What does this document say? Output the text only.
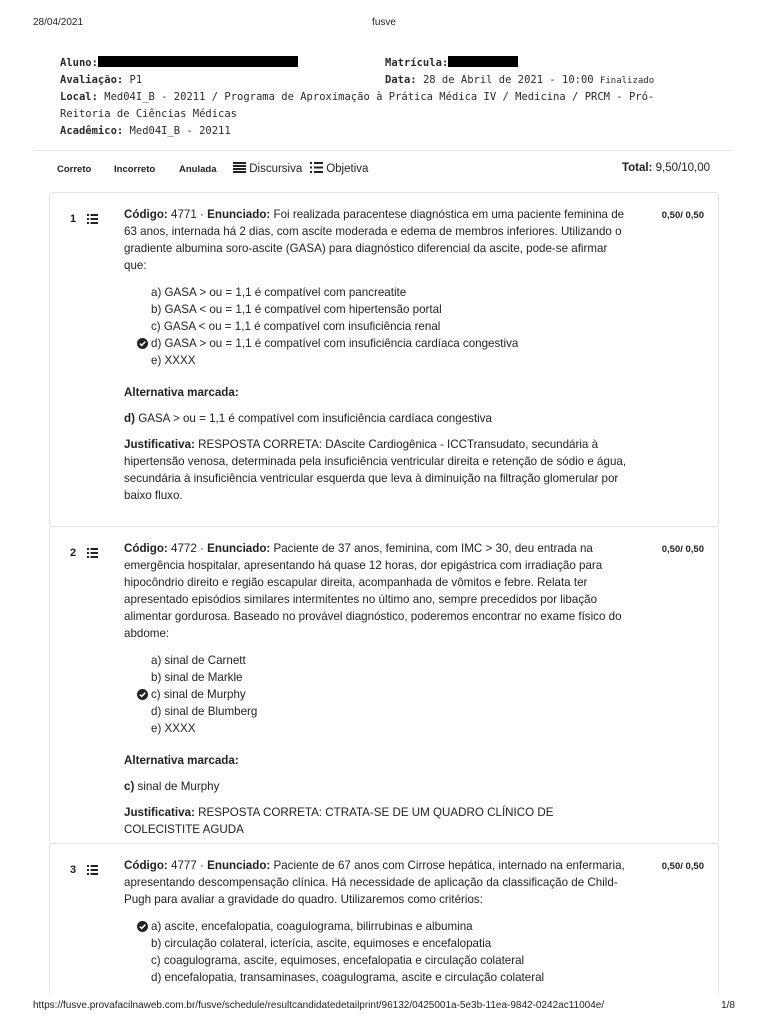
28/04/2021	fusve
Aluno:	Matrícula:
Avaliação: P1	Data: 28 de Abril de 2021 - 10:00 Finalizado
Local: Med04I_B - 20211 / Programa de Aproximação à Prática Médica IV / Medicina / PRCM - Pró-Reitoria de Ciências Médicas
Acadêmico: Med04I_B - 20211
Correto Incorreto	Anulada	Discursiva	Objetiva	Total: 9,50/10,00
1	0,50/ 0,50

Código: 4771 · Enunciado: Foi realizada paracentese diagnóstica em uma paciente feminina de 63 anos, internada há 2 dias, com ascite moderada e edema de membros inferiores. Utilizando o gradiente albumina soro-ascite (GASA) para diagnóstico diferencial da ascite, pode-se afirmar que:

a) GASA > ou = 1,1 é compatível com pancreatite
b) GASA < ou = 1,1 é compatível com hipertensão portal
c) GASA < ou = 1,1 é compatível com insuficiência renal
d) GASA > ou = 1,1 é compatível com insuficiência cardíaca congestiva
e) XXXX

Alternativa marcada:

d) GASA > ou = 1,1 é compatível com insuficiência cardíaca congestiva

Justificativa: RESPOSTA CORRETA: DAscite Cardiogênica - ICCTransudato, secundária à hipertensão venosa, determinada pela insuficiência ventricular direita e retenção de sódio e água, secundária à insuficiência ventricular esquerda que leva à diminuição na filtração glomerular por baixo fluxo.

2	0,50/ 0,50

Código: 4772 · Enunciado: Paciente de 37 anos, feminina, com IMC > 30, deu entrada na emergência hospitalar, apresentando há quase 12 horas, dor epigástrica com irradiação para hipocôndrio direito e região escapular direita, acompanhada de vômitos e febre. Relata ter apresentado episódios similares intermitentes no último ano, sempre precedidos por libação alimentar gordurosa. Baseado no provável diagnóstico, poderemos encontrar no exame físico do abdome:

a) sinal de Carnett
b) sinal de Markle
c) sinal de Murphy
d) sinal de Blumberg
e) XXXX

Alternativa marcada:

c) sinal de Murphy

Justificativa: RESPOSTA CORRETA: CTRATA-SE DE UM QUADRO CLÍNICO DE COLECISTITE AGUDA

3	0,50/ 0,50

Código: 4777 · Enunciado: Paciente de 67 anos com Cirrose hepática, internado na enfermaria, apresentando descompensação clínica. Há necessidade de aplicação da classificação de Child-Pugh para avaliar a gravidade do quadro. Utilizaremos como critérios:

a) ascite, encefalopatia, coagulograma, bilirrubinas e albumina
b) circulação colateral, icterícia, ascite, equimoses e encefalopatia
c) coagulograma, ascite, equimoses, encefalopatia e circulação colateral
d) encefalopatia, transaminases, coagulograma, ascite e circulação colateral
https://fusve.provafacilnaweb.com.br/fusve/schedule/resultcandidatedetailprint/96132/0425001a-5e3b-11ea-9842-0242ac11004e/	1/8
